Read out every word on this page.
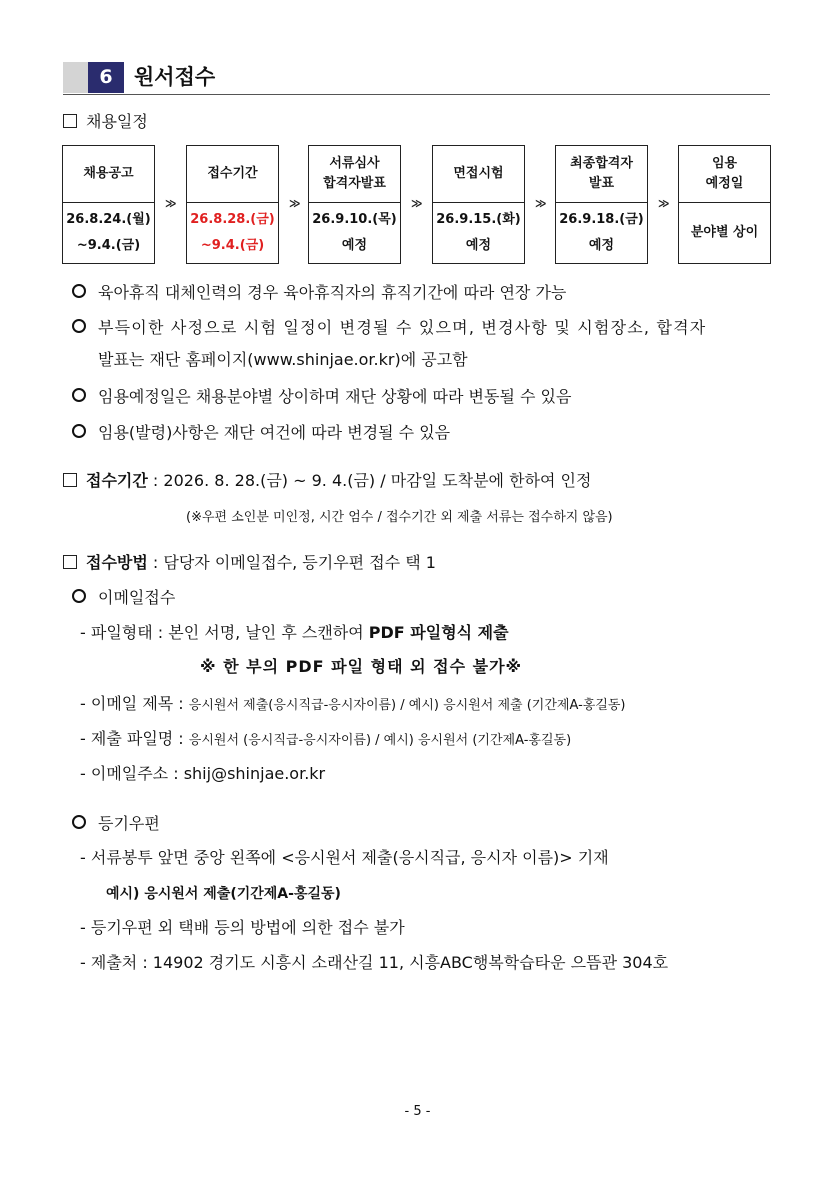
6	원서접수
채용일정
채용공고
26.8.24.(월)
~9.4.(금)
≫
접수기간
26.8.28.(금)
~9.4.(금)
≫
서류심사
합격자발표
26.9.10.(목)
예정
≫
면접시험
26.9.15.(화)
예정
≫
최종합격자
발표
26.9.18.(금)
예정
≫
임용
예정일
분야별 상이
육아휴직 대체인력의 경우 육아휴직자의 휴직기간에 따라 연장 가능
부득이한 사정으로 시험 일정이 변경될 수 있으며, 변경사항 및 시험장소, 합격자
발표는 재단 홈페이지(www.shinjae.or.kr)에 공고함
임용예정일은 채용분야별 상이하며 재단 상황에 따라 변동될 수 있음
임용(발령)사항은 재단 여건에 따라 변경될 수 있음
접수기간 : 2026. 8. 28.(금) ~ 9. 4.(금) / 마감일 도착분에 한하여 인정
(※우편 소인분 미인정, 시간 엄수 / 접수기간 외 제출 서류는 접수하지 않음)
접수방법 : 담당자 이메일접수, 등기우편 접수 택 1
이메일접수
- 파일형태 : 본인 서명, 날인 후 스캔하여 PDF 파일형식 제출
※ 한 부의 PDF 파일 형태 외 접수 불가※
- 이메일 제목 : 응시원서 제출(응시직급-응시자이름) / 예시) 응시원서 제출 (기간제A-홍길동)
- 제출 파일명 : 응시원서 (응시직급-응시자이름) / 예시) 응시원서 (기간제A-홍길동)
- 이메일주소 : shij@shinjae.or.kr
등기우편
- 서류봉투 앞면 중앙 왼쪽에 <응시원서 제출(응시직급, 응시자 이름)> 기재
예시) 응시원서 제출(기간제A-홍길동)
- 등기우편 외 택배 등의 방법에 의한 접수 불가
- 제출처 : 14902 경기도 시흥시 소래산길 11, 시흥ABC행복학습타운 으뜸관 304호
- 5 -
